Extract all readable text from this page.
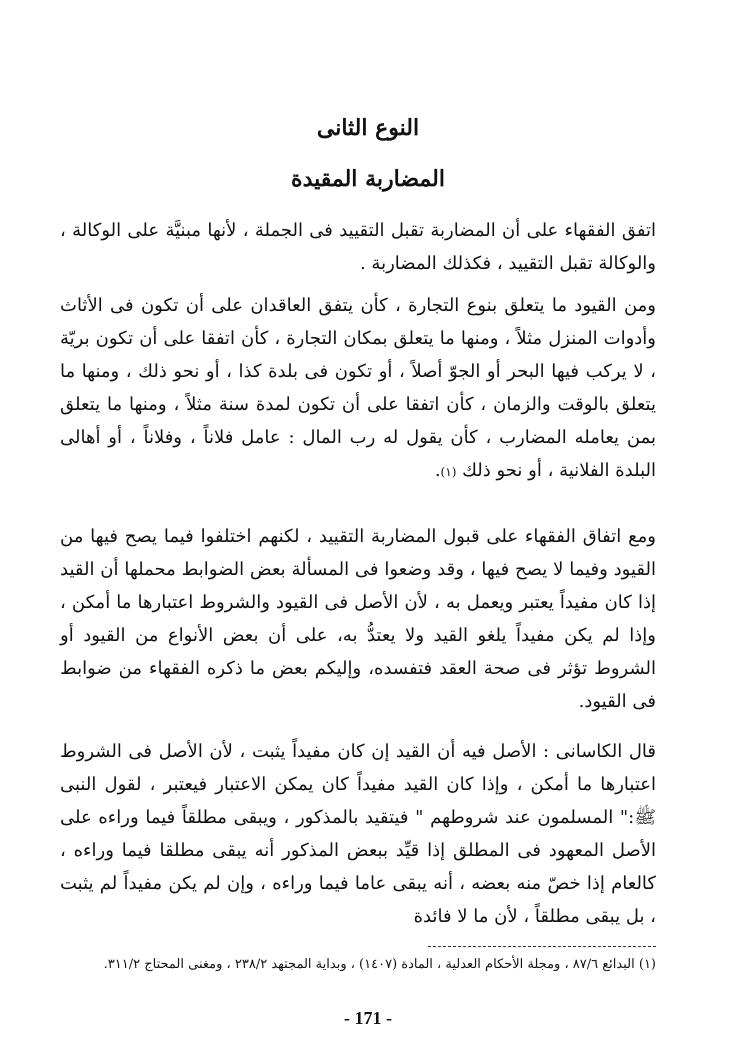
النوع الثانى
المضاربة المقيدة
اتفق الفقهاء على أن المضاربة تقبل التقييد فى الجملة ، لأنها مبنيَّة على الوكالة ، والوكالة تقبل التقييد ، فكذلك المضاربة .
ومن القيود ما يتعلق بنوع التجارة ، كأن يتفق العاقدان على أن تكون فى الأثاث وأدوات المنزل مثلاً ، ومنها ما يتعلق بمكان التجارة ، كأن اتفقا على أن تكون بريّة ، لا يركب فيها البحر أو الجوّ أصلاً ، أو تكون فى بلدة كذا ، أو نحو ذلك ، ومنها ما يتعلق بالوقت والزمان ، كأن اتفقا على أن تكون لمدة سنة مثلاً ، ومنها ما يتعلق بمن يعامله المضارب ، كأن يقول له رب المال : عامل فلاناً ، وفلاناً ، أو أهالى البلدة الفلانية ، أو نحو ذلك (١).
ومع اتفاق الفقهاء على قبول المضاربة التقييد ، لكنهم اختلفوا فيما يصح فيها من القيود وفيما لا يصح فيها ، وقد وضعوا فى المسألة بعض الضوابط محملها أن القيد إذا كان مفيداً يعتبر ويعمل به ، لأن الأصل فى القيود والشروط اعتبارها ما أمكن ، وإذا لم يكن مفيداً يلغو القيد ولا يعتدُّ به، على أن بعض الأنواع من القيود أو الشروط تؤثر فى صحة العقد فتفسده، وإليكم بعض ما ذكره الفقهاء من ضوابط فى القيود.
قال الكاسانى : الأصل فيه أن القيد إن كان مفيداً يثبت ، لأن الأصل فى الشروط اعتبارها ما أمكن ، وإذا كان القيد مفيداً كان يمكن الاعتبار فيعتبر ، لقول النبى ﷺ:" المسلمون عند شروطهم " فيتقيد بالمذكور ، ويبقى مطلقاً فيما وراءه على الأصل المعهود فى المطلق إذا قيِّد ببعض المذكور أنه يبقى مطلقا فيما وراءه ، كالعام إذا خصّ منه بعضه ، أنه يبقى عاما فيما وراءه ، وإن لم يكن مفيداً لم يثبت ، بل يبقى مطلقاً ، لأن ما لا فائدة
(١) البدائع ٨٧/٦ ، ومجلة الأحكام العدلية ، المادة (١٤٠٧) ، وبداية المجتهد ٢٣٨/٢ ، ومغنى المحتاج ٣١١/٢.
- 171 -
